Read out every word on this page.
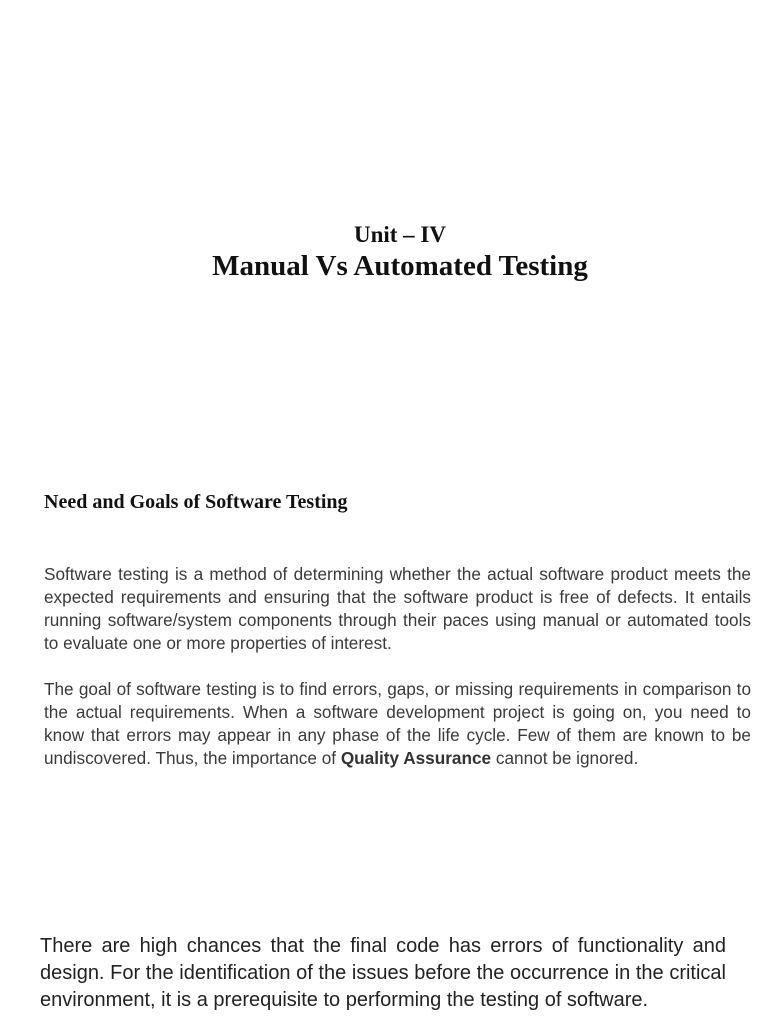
Unit – IV
Manual Vs Automated Testing
Need and Goals of Software Testing

Software testing is a method of determining whether the actual software product meets the expected requirements and ensuring that the software product is free of defects. It entails running software/system components through their paces using manual or automated tools to evaluate one or more properties of interest.

The goal of software testing is to find errors, gaps, or missing requirements in comparison to the actual requirements. When a software development project is going on, you need to know that errors may appear in any phase of the life cycle. Few of them are known to be undiscovered. Thus, the importance of Quality Assurance cannot be ignored.

There are high chances that the final code has errors of functionality and design. For the identification of the issues before the occurrence in the critical environment, it is a prerequisite to performing the testing of software.
